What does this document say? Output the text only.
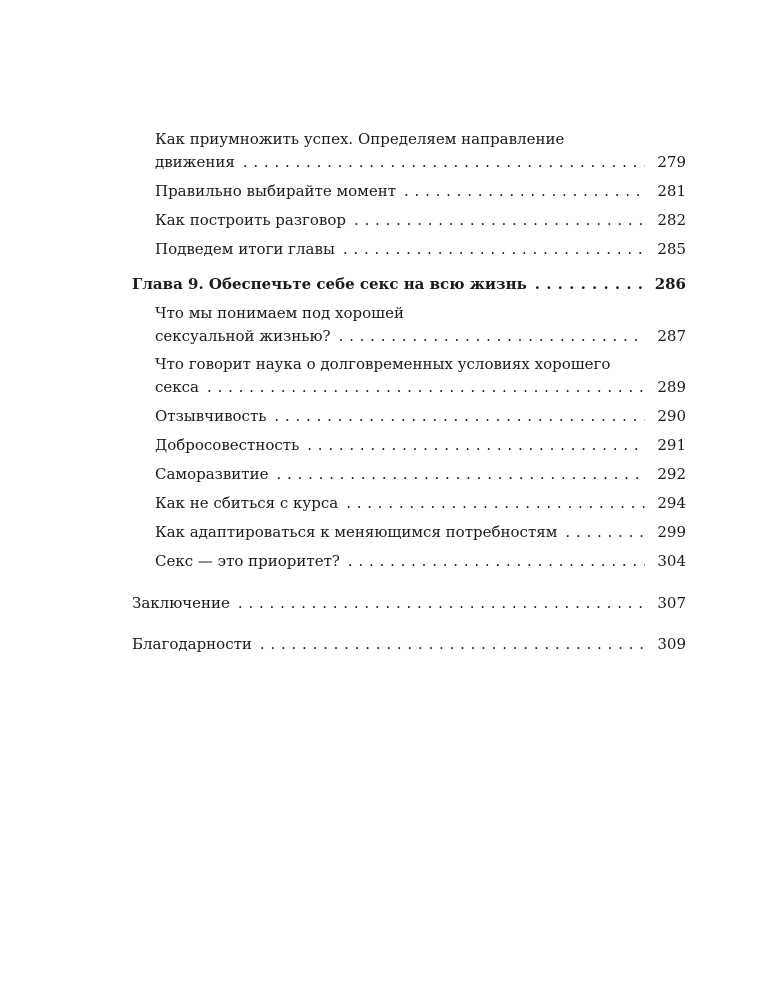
Как приумножить успех. Определяем направление
движения . . .	279
Правильно выбирайте момент . . .	281
Как построить разговор . . .	282
Подведем итоги главы . . .	285
Глава 9. Обеспечьте себе секс на всю жизнь . . .	286
Что мы понимаем под хорошей
сексуальной жизнью? . . .	287
Что говорит наука о долговременных условиях хорошего
секса . . .	289
Отзывчивость . . .	290
Добросовестность . . .	291
Саморазвитие . . .	292
Как не сбиться с курса . . .	294
Как адаптироваться к меняющимся потребностям . . .	299
Секс — это приоритет? . . .	304
Заключение . . .	307
Благодарности . . .	309
